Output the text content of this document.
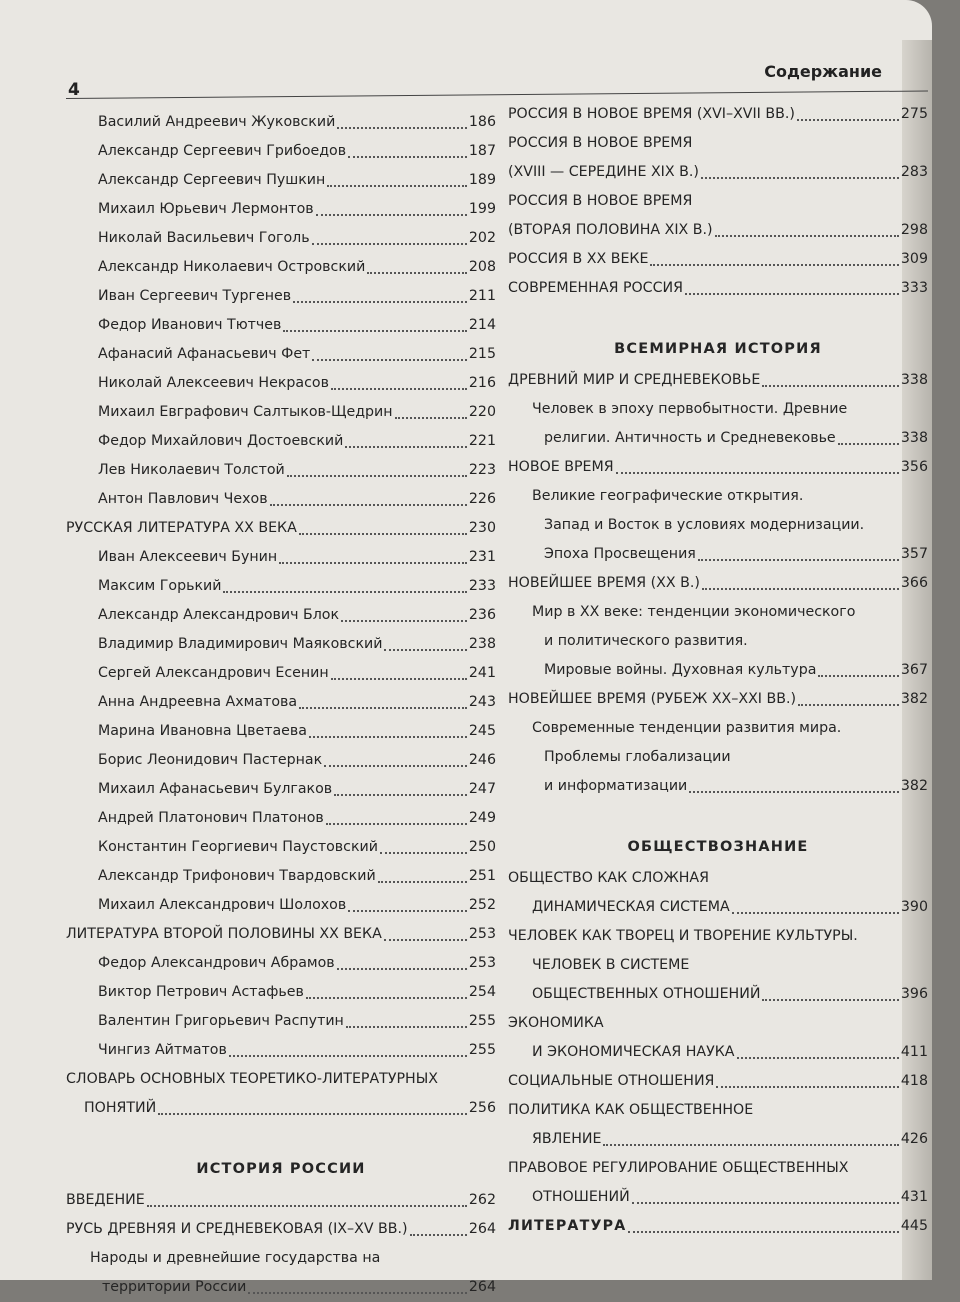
Содержание
4
Василий Андреевич Жуковский	186
Александр Сергеевич Грибоедов	187
Александр Сергеевич Пушкин	189
Михаил Юрьевич Лермонтов	199
Николай Васильевич Гоголь	202
Александр Николаевич Островский	208
Иван Сергеевич Тургенев	211
Федор Иванович Тютчев	214
Афанасий Афанасьевич Фет	215
Николай Алексеевич Некрасов	216
Михаил Евграфович Салтыков-Щедрин	220
Федор Михайлович Достоевский	221
Лев Николаевич Толстой	223
Антон Павлович Чехов	226
РУССКАЯ ЛИТЕРАТУРА XX ВЕКА	230
Иван Алексеевич Бунин	231
Максим Горький	233
Александр Александрович Блок	236
Владимир Владимирович Маяковский	238
Сергей Александрович Есенин	241
Анна Андреевна Ахматова	243
Марина Ивановна Цветаева	245
Борис Леонидович Пастернак	246
Михаил Афанасьевич Булгаков	247
Андрей Платонович Платонов	249
Константин Георгиевич Паустовский	250
Александр Трифонович Твардовский	251
Михаил Александрович Шолохов	252
ЛИТЕРАТУРА ВТОРОЙ ПОЛОВИНЫ XX ВЕКА	253
Федор Александрович Абрамов	253
Виктор Петрович Астафьев	254
Валентин Григорьевич Распутин	255
Чингиз Айтматов	255
СЛОВАРЬ ОСНОВНЫХ ТЕОРЕТИКО-ЛИТЕРАТУРНЫХ
ПОНЯТИЙ	256
ИСТОРИЯ РОССИИ
ВВЕДЕНИЕ	262
РУСЬ ДРЕВНЯЯ И СРЕДНЕВЕКОВАЯ (IX–XV ВВ.)	264
Народы и древнейшие государства на
территории России	264
РОССИЯ В НОВОЕ ВРЕМЯ (XVI–XVII ВВ.)	275
РОССИЯ В НОВОЕ ВРЕМЯ
(XVIII — СЕРЕДИНЕ XIX В.)	283
РОССИЯ В НОВОЕ ВРЕМЯ
(ВТОРАЯ ПОЛОВИНА XIX В.)	298
РОССИЯ В XX ВЕКЕ	309
СОВРЕМЕННАЯ РОССИЯ	333
ВСЕМИРНАЯ ИСТОРИЯ
ДРЕВНИЙ МИР И СРЕДНЕВЕКОВЬЕ	338
Человек в эпоху первобытности. Древние
религии. Античность и Средневековье	338
НОВОЕ ВРЕМЯ	356
Великие географические открытия.
Запад и Восток в условиях модернизации.
Эпоха Просвещения	357
НОВЕЙШЕЕ ВРЕМЯ (XX В.)	366
Мир в XX веке: тенденции экономического
и политического развития.
Мировые войны. Духовная культура	367
НОВЕЙШЕЕ ВРЕМЯ (РУБЕЖ XX–XXI ВВ.)	382
Современные тенденции развития мира.
Проблемы глобализации
и информатизации	382
ОБЩЕСТВОЗНАНИЕ
ОБЩЕСТВО КАК СЛОЖНАЯ
ДИНАМИЧЕСКАЯ СИСТЕМА	390
ЧЕЛОВЕК КАК ТВОРЕЦ И ТВОРЕНИЕ КУЛЬТУРЫ.
ЧЕЛОВЕК В СИСТЕМЕ
ОБЩЕСТВЕННЫХ ОТНОШЕНИЙ	396
ЭКОНОМИКА
И ЭКОНОМИЧЕСКАЯ НАУКА	411
СОЦИАЛЬНЫЕ ОТНОШЕНИЯ	418
ПОЛИТИКА КАК ОБЩЕСТВЕННОЕ
ЯВЛЕНИЕ	426
ПРАВОВОЕ РЕГУЛИРОВАНИЕ ОБЩЕСТВЕННЫХ
ОТНОШЕНИЙ	431
ЛИТЕРАТУРА	445
